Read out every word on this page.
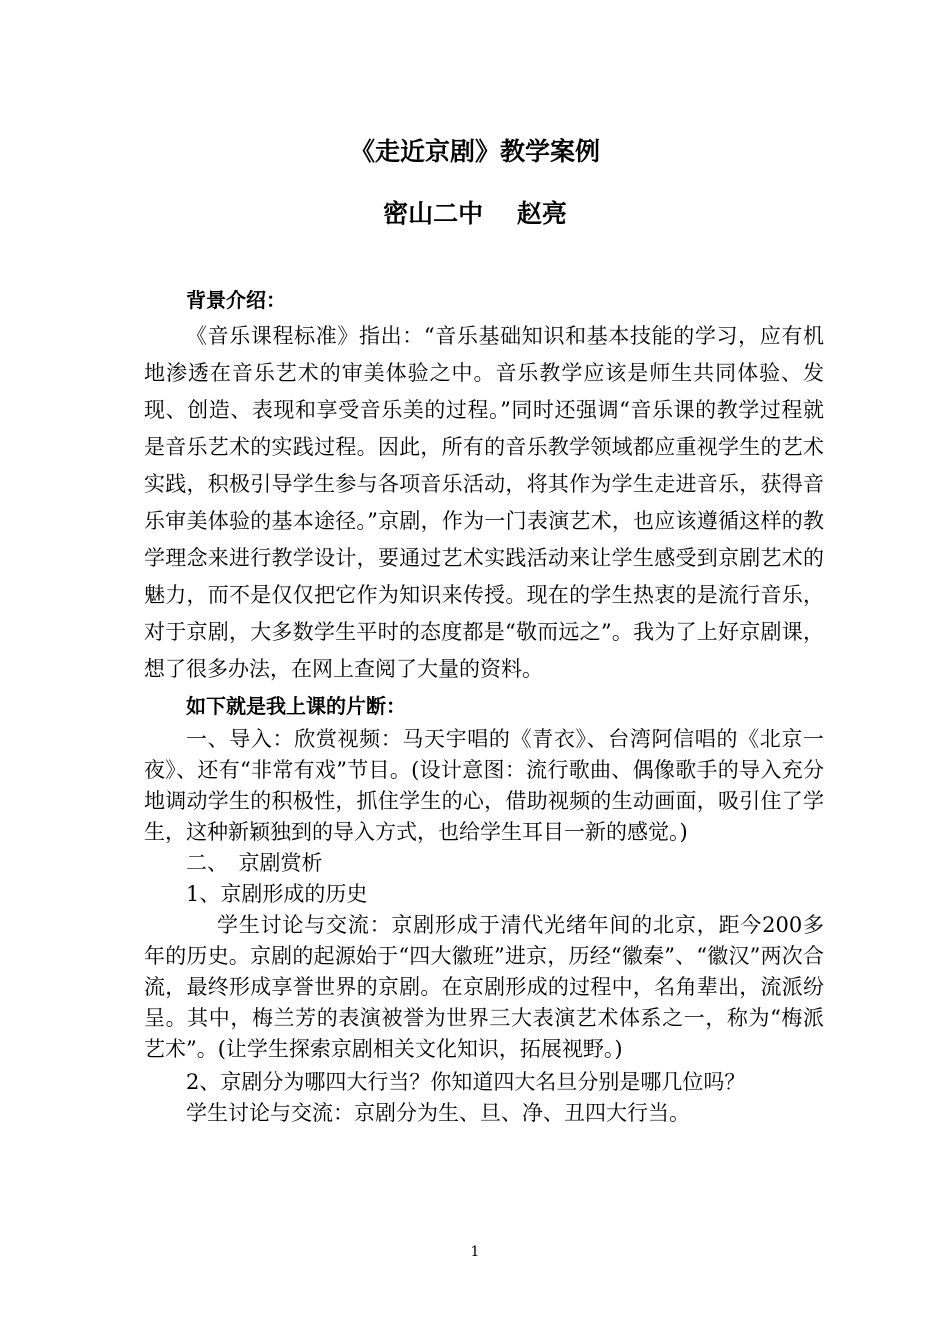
《走近京剧》教学案例
密山二中　 赵亮

背景介绍：

《音乐课程标准》指出：“音乐基础知识和基本技能的学习，应有机地渗透在音乐艺术的审美体验之中。音乐教学应该是师生共同体验、发现、创造、表现和享受音乐美的过程。”同时还强调“音乐课的教学过程就是音乐艺术的实践过程。因此，所有的音乐教学领域都应重视学生的艺术实践，积极引导学生参与各项音乐活动，将其作为学生走进音乐，获得音乐审美体验的基本途径。”京剧，作为一门表演艺术，也应该遵循这样的教学理念来进行教学设计，要通过艺术实践活动来让学生感受到京剧艺术的魅力，而不是仅仅把它作为知识来传授。现在的学生热衷的是流行音乐，对于京剧，大多数学生平时的态度都是“敬而远之”。我为了上好京剧课，想了很多办法，在网上查阅了大量的资料。

如下就是我上课的片断：

一、导入：欣赏视频：马天宇唱的《青衣》、台湾阿信唱的《北京一夜》、还有“非常有戏”节目。(设计意图：流行歌曲、偶像歌手的导入充分地调动学生的积极性，抓住学生的心，借助视频的生动画面，吸引住了学生，这种新颖独到的导入方式，也给学生耳目一新的感觉。)

二、　京剧赏析

1、京剧形成的历史

学生讨论与交流：京剧形成于清代光绪年间的北京，距今200多年的历史。京剧的起源始于“四大徽班”进京，历经“徽秦”、“徽汉”两次合流，最终形成享誉世界的京剧。在京剧形成的过程中，名角辈出，流派纷呈。其中，梅兰芳的表演被誉为世界三大表演艺术体系之一，称为“梅派艺术”。(让学生探索京剧相关文化知识，拓展视野。)

2、京剧分为哪四大行当？你知道四大名旦分别是哪几位吗？

学生讨论与交流：京剧分为生、旦、净、丑四大行当。

1
